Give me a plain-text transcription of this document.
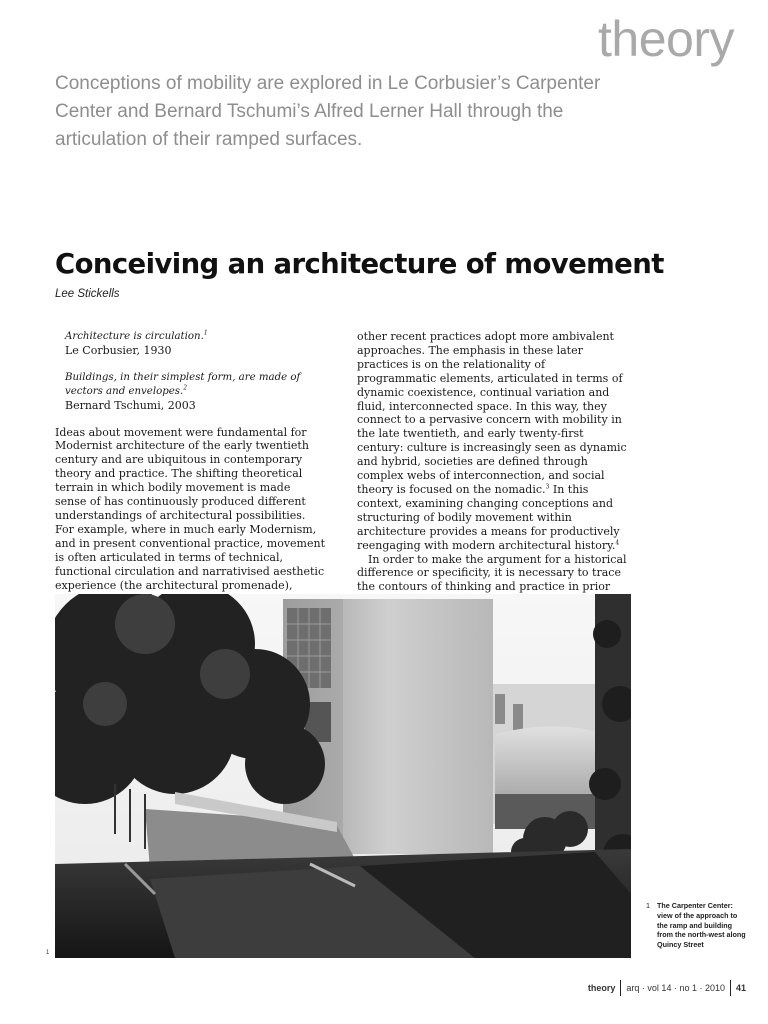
theory
Conceptions of mobility are explored in Le Corbusier’s Carpenter Center and Bernard Tschumi’s Alfred Lerner Hall through the articulation of their ramped surfaces.
Conceiving an architecture of movement
Lee Stickells
Architecture is circulation.$^1$
Le Corbusier, 1930
Buildings, in their simplest form, are made of vectors and envelopes.$^2$
Bernard Tschumi, 2003

Ideas about movement were fundamental for Modernist architecture of the early twentieth century and are ubiquitous in contemporary theory and practice. The shifting theoretical terrain in which bodily movement is made sense of has continuously produced different understandings of architectural possibilities. For example, where in much early Modernism, and in present conventional practice, movement is often articulated in terms of technical, functional circulation and narrativised aesthetic experience (the architectural promenade),

other recent practices adopt more ambivalent approaches. The emphasis in these later practices is on the relationality of programmatic elements, articulated in terms of dynamic coexistence, continual variation and fluid, interconnected space. In this way, they connect to a pervasive concern with mobility in the late twentieth, and early twenty-first century: culture is increasingly seen as dynamic and hybrid, societies are defined through complex webs of interconnection, and social theory is focused on the nomadic.$^3$ In this context, examining changing conceptions and structuring of bodily movement within architecture provides a means for productively reengaging with modern architectural history.$^4$

In order to make the argument for a historical difference or specificity, it is necessary to trace the contours of thinking and practice in prior

1
1 The Carpenter Center: view of the approach to the ramp and building from the north-west along Quincy Street
theory arq · vol 14 · no 1 · 2010 41
